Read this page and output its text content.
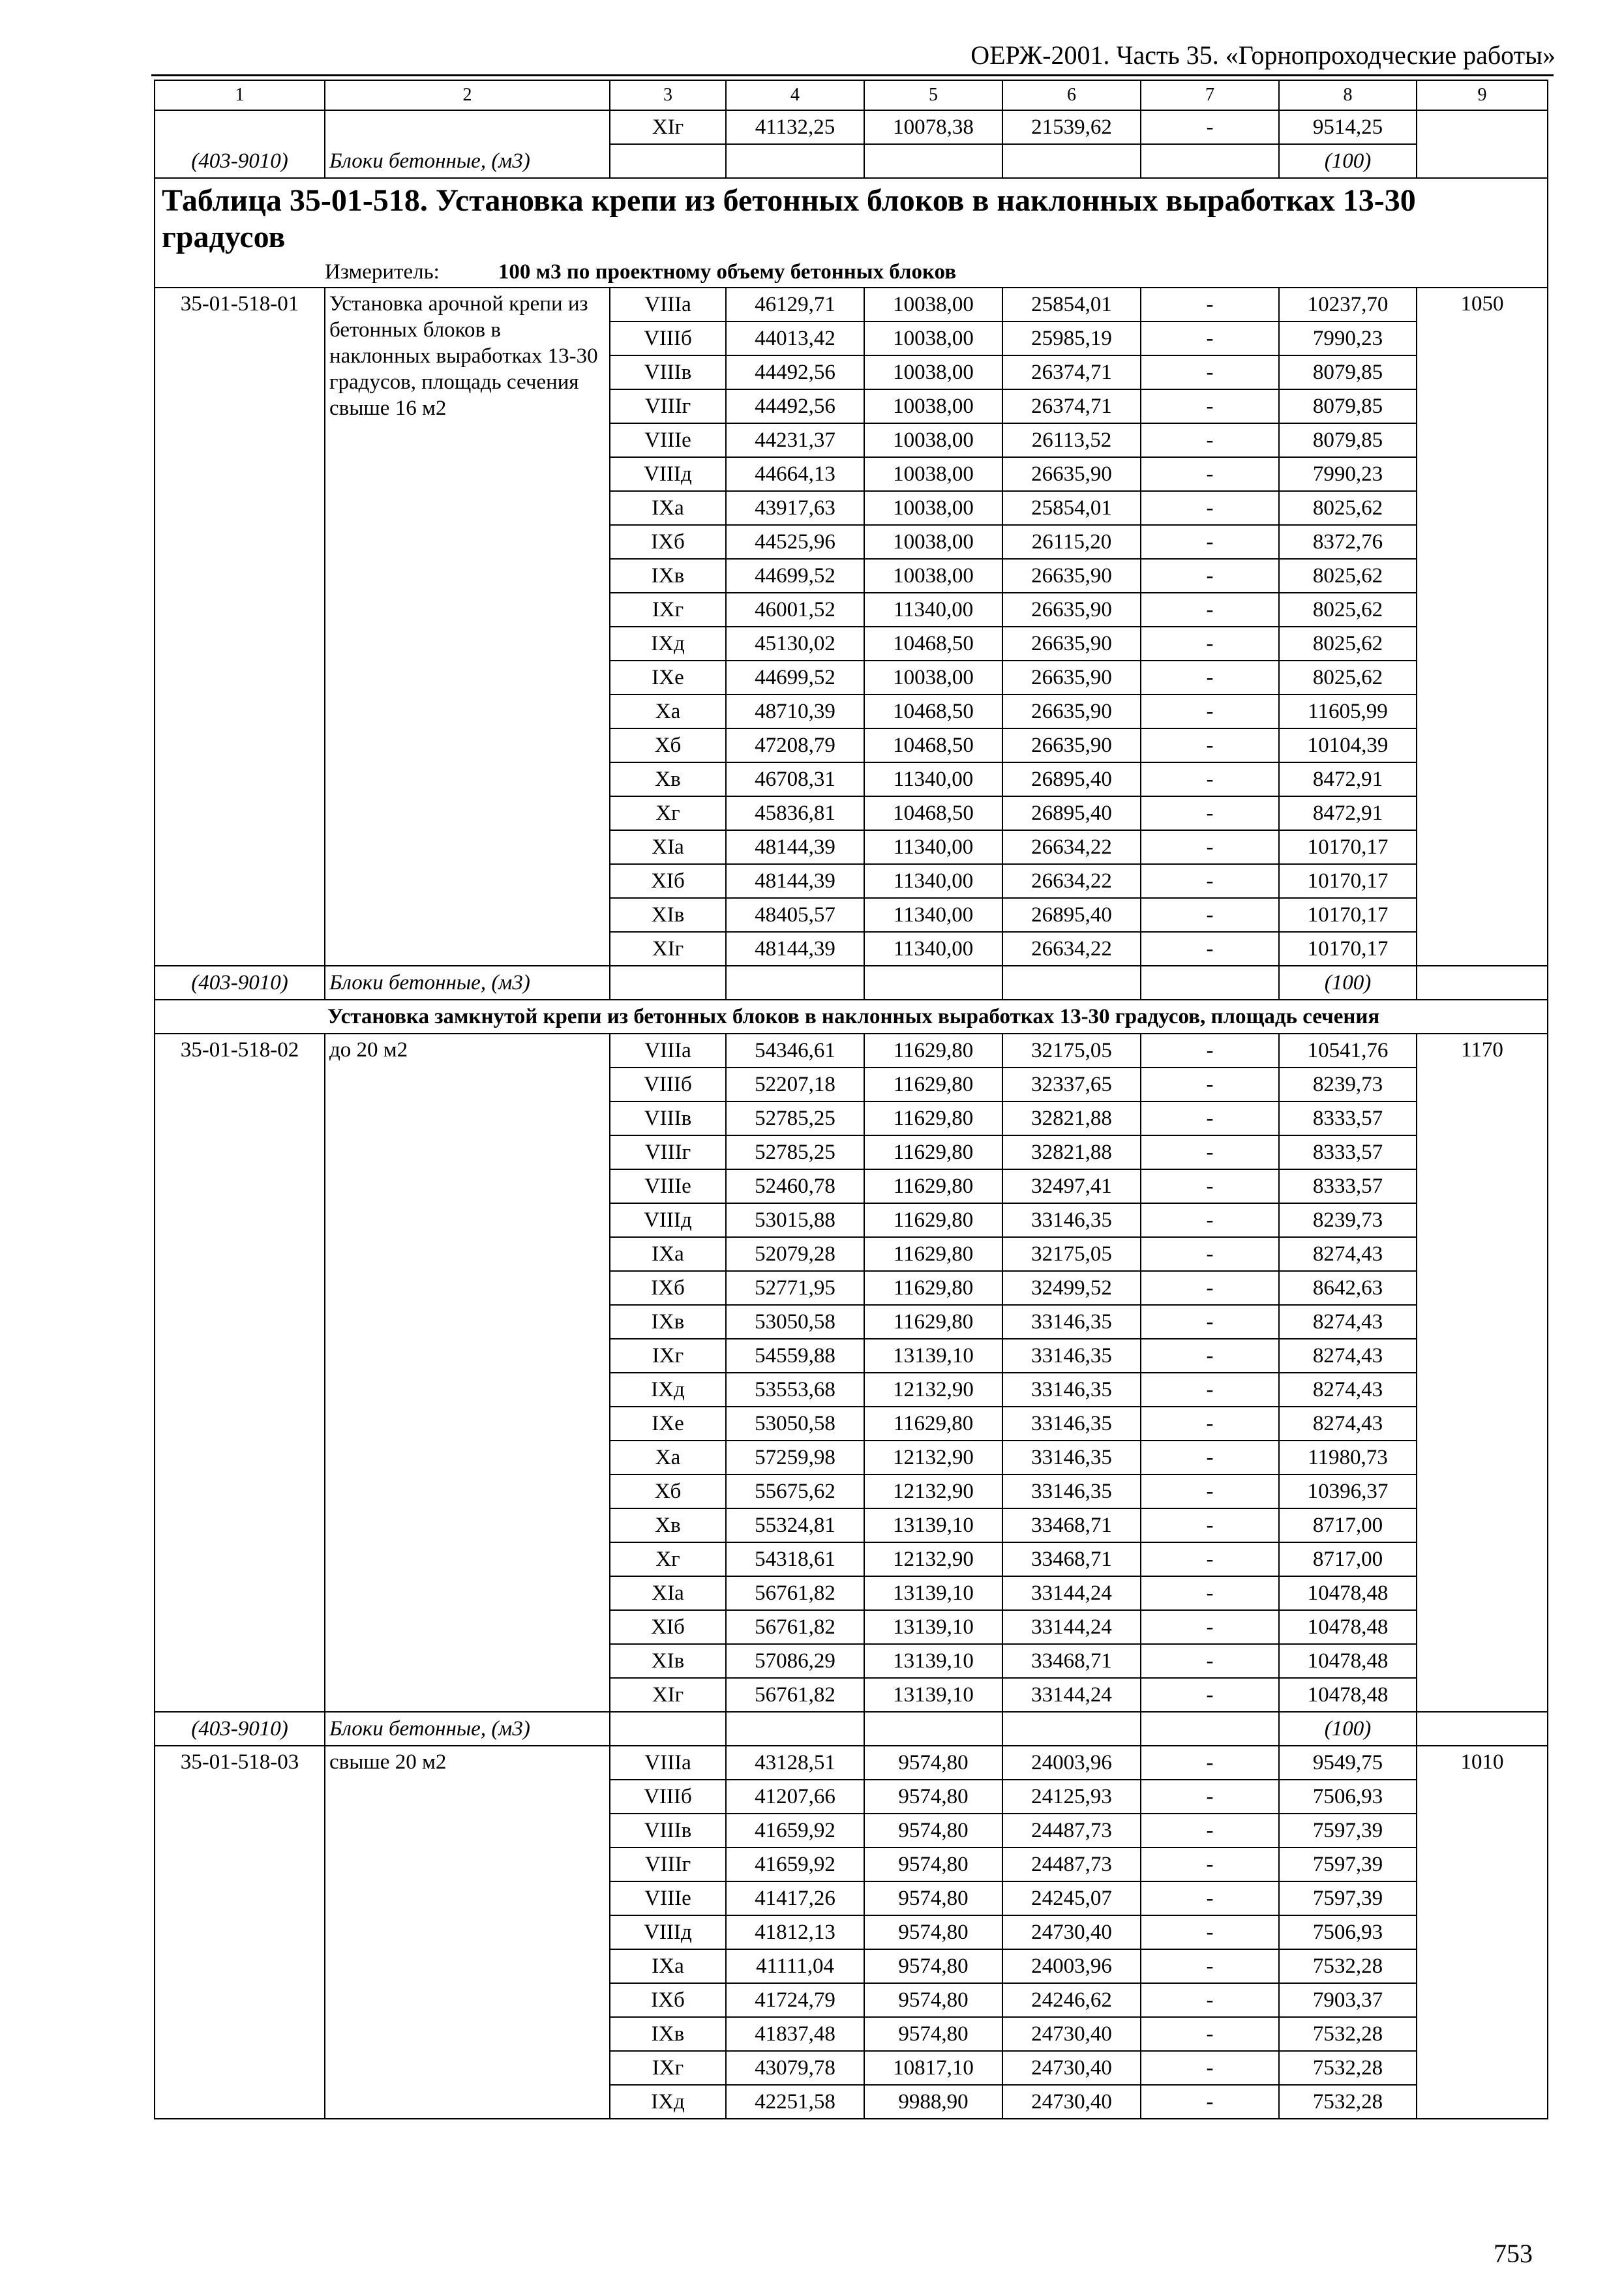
ОЕРЖ-2001. Часть 35. «Горнопроходческие работы»
1	2	3	4	5	6	7	8	9
		XIг	41132,25	10078,38	21539,62	-	9514,25	
(403-9010)	Блоки бетонные, (м3)						(100)	
Таблица 35-01-518. Установка крепи из бетонных блоков в наклонных выработках 13-30 градусов								
Измеритель: 100 м3 по проектному объему бетонных блоков								
35-01-518-01	Установка арочной крепи из бетонных блоков в наклонных выработках 13-30 градусов, площадь сечения свыше 16 м2	VIIIа	46129,71	10038,00	25854,01	-	10237,70	1050
		VIIIб	44013,42	10038,00	25985,19	-	7990,23	
		VIIIв	44492,56	10038,00	26374,71	-	8079,85	
		VIIIг	44492,56	10038,00	26374,71	-	8079,85	
		VIIIе	44231,37	10038,00	26113,52	-	8079,85	
		VIIIд	44664,13	10038,00	26635,90	-	7990,23	
		IXа	43917,63	10038,00	25854,01	-	8025,62	
		IXб	44525,96	10038,00	26115,20	-	8372,76	
		IXв	44699,52	10038,00	26635,90	-	8025,62	
		IXг	46001,52	11340,00	26635,90	-	8025,62	
		IXд	45130,02	10468,50	26635,90	-	8025,62	
		IXе	44699,52	10038,00	26635,90	-	8025,62	
		Xа	48710,39	10468,50	26635,90	-	11605,99	
		Xб	47208,79	10468,50	26635,90	-	10104,39	
		Xв	46708,31	11340,00	26895,40	-	8472,91	
		Xг	45836,81	10468,50	26895,40	-	8472,91	
		XIа	48144,39	11340,00	26634,22	-	10170,17	
		XIб	48144,39	11340,00	26634,22	-	10170,17	
		XIв	48405,57	11340,00	26895,40	-	10170,17	
		XIг	48144,39	11340,00	26634,22	-	10170,17	
(403-9010)	Блоки бетонные, (м3)						(100)	
Установка замкнутой крепи из бетонных блоков в наклонных выработках 13-30 градусов, площадь сечения								
35-01-518-02	до 20 м2	VIIIа	54346,61	11629,80	32175,05	-	10541,76	1170
		VIIIб	52207,18	11629,80	32337,65	-	8239,73	
		VIIIв	52785,25	11629,80	32821,88	-	8333,57	
		VIIIг	52785,25	11629,80	32821,88	-	8333,57	
		VIIIе	52460,78	11629,80	32497,41	-	8333,57	
		VIIIд	53015,88	11629,80	33146,35	-	8239,73	
		IXа	52079,28	11629,80	32175,05	-	8274,43	
		IXб	52771,95	11629,80	32499,52	-	8642,63	
		IXв	53050,58	11629,80	33146,35	-	8274,43	
		IXг	54559,88	13139,10	33146,35	-	8274,43	
		IXд	53553,68	12132,90	33146,35	-	8274,43	
		IXе	53050,58	11629,80	33146,35	-	8274,43	
		Xа	57259,98	12132,90	33146,35	-	11980,73	
		Xб	55675,62	12132,90	33146,35	-	10396,37	
		Xв	55324,81	13139,10	33468,71	-	8717,00	
		Xг	54318,61	12132,90	33468,71	-	8717,00	
		XIа	56761,82	13139,10	33144,24	-	10478,48	
		XIб	56761,82	13139,10	33144,24	-	10478,48	
		XIв	57086,29	13139,10	33468,71	-	10478,48	
		XIг	56761,82	13139,10	33144,24	-	10478,48	
(403-9010)	Блоки бетонные, (м3)						(100)	
35-01-518-03	свыше 20 м2	VIIIа	43128,51	9574,80	24003,96	-	9549,75	1010
		VIIIб	41207,66	9574,80	24125,93	-	7506,93	
		VIIIв	41659,92	9574,80	24487,73	-	7597,39	
		VIIIг	41659,92	9574,80	24487,73	-	7597,39	
		VIIIе	41417,26	9574,80	24245,07	-	7597,39	
		VIIIд	41812,13	9574,80	24730,40	-	7506,93	
		IXа	41111,04	9574,80	24003,96	-	7532,28	
		IXб	41724,79	9574,80	24246,62	-	7903,37	
		IXв	41837,48	9574,80	24730,40	-	7532,28	
		IXг	43079,78	10817,10	24730,40	-	7532,28	
		IXд	42251,58	9988,90	24730,40	-	7532,28	
753
